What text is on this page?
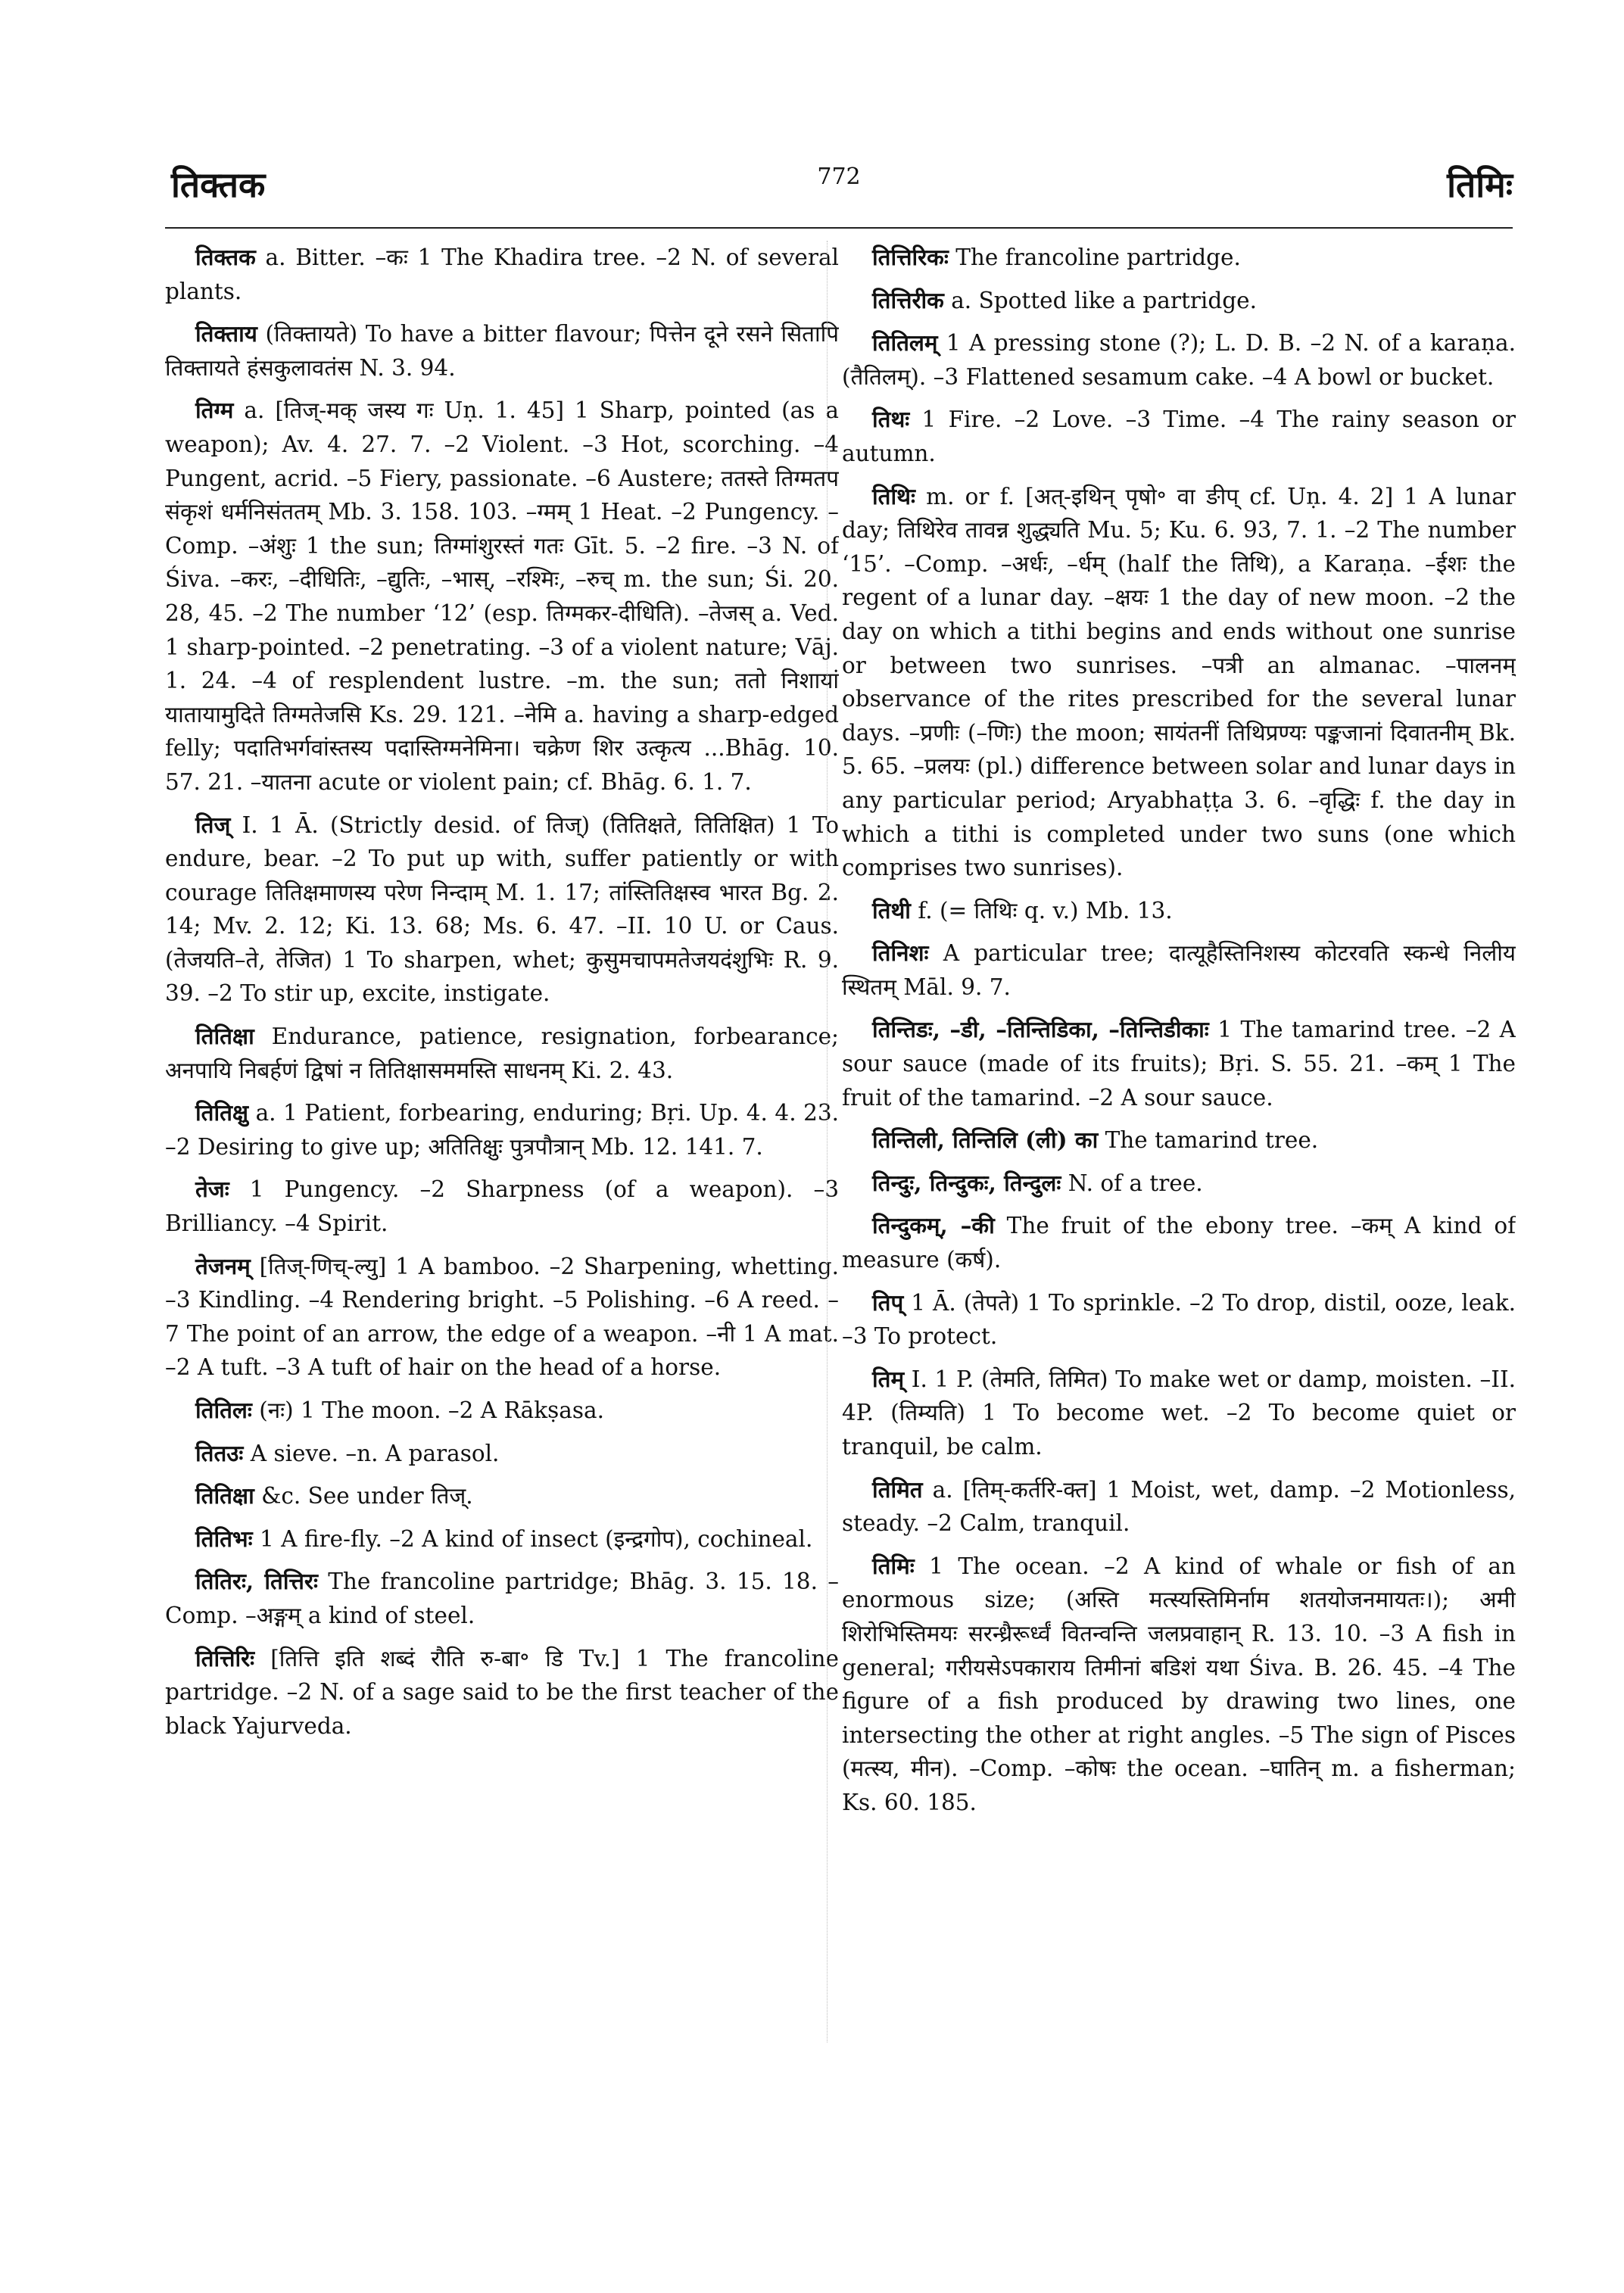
तिक्तक	772	तिमिः

तिक्तक a. Bitter. –कः 1 The Khadira tree. –2 N. of several plants.

तिक्ताय (तिक्तायते) To have a bitter flavour; पित्तेन दूने रसने सितापि तिक्तायते हंसकुलावतंस N. 3. 94.

तिग्म a. [तिज्-मक् जस्य गः Uṇ. 1. 45] 1 Sharp, pointed (as a weapon); Av. 4. 27. 7. –2 Violent. –3 Hot, scorching. –4 Pungent, acrid. –5 Fiery, passionate. –6 Austere; ततस्ते तिग्मतप संकृशं धर्मनिसंततम् Mb. 3. 158. 103. –ग्मम् 1 Heat. –2 Pungency. –Comp. –अंशुः 1 the sun; तिग्मांशुरस्तं गतः Gīt. 5. –2 fire. –3 N. of Śiva. –करः, –दीधितिः, –द्युतिः, –भास्, –रश्मिः, –रुच् m. the sun; Śi. 20. 28, 45. –2 The number ‘12’ (esp. तिग्मकर-दीधिति). –तेजस् a. Ved. 1 sharp-pointed. –2 penetrating. –3 of a violent nature; Vāj. 1. 24. –4 of resplendent lustre. –m. the sun; ततो निशायां यातायामुदिते तिग्मतेजसि Ks. 29. 121. –नेमि a. having a sharp-edged felly; पदातिभर्गवांस्तस्य पदास्तिग्मनेमिना। चक्रेण शिर उत्कृत्य ...Bhāg. 10. 57. 21. –यातना acute or violent pain; cf. Bhāg. 6. 1. 7.

तिज् I. 1 Ā. (Strictly desid. of तिज्) (तितिक्षते, तितिक्षित) 1 To endure, bear. –2 To put up with, suffer patiently or with courage तितिक्षमाणस्य परेण निन्दाम् M. 1. 17; तांस्तितिक्षस्व भारत Bg. 2. 14; Mv. 2. 12; Ki. 13. 68; Ms. 6. 47. –II. 10 U. or Caus. (तेजयति–ते, तेजित) 1 To sharpen, whet; कुसुमचापमतेजयदंशुभिः R. 9. 39. –2 To stir up, excite, instigate.

तितिक्षा Endurance, patience, resignation, forbearance; अनपायि निबर्हणं द्विषां न तितिक्षासममस्ति साधनम् Ki. 2. 43.

तितिक्षु a. 1 Patient, forbearing, enduring; Bṛi. Up. 4. 4. 23. –2 Desiring to give up; अतितिक्षुः पुत्रपौत्रान् Mb. 12. 141. 7.

तेजः 1 Pungency. –2 Sharpness (of a weapon). –3 Brilliancy. –4 Spirit.

तेजनम् [तिज्-णिच्-ल्यु] 1 A bamboo. –2 Sharpening, whetting. –3 Kindling. –4 Rendering bright. –5 Polishing. –6 A reed. –7 The point of an arrow, the edge of a weapon. –नी 1 A mat. –2 A tuft. –3 A tuft of hair on the head of a horse.

तितिलः (नः) 1 The moon. –2 A Rākṣasa.

तितउः A sieve. –n. A parasol.

तितिक्षा &c. See under तिज्.

तितिभः 1 A fire-fly. –2 A kind of insect (इन्द्रगोप), cochineal.

तितिरः, तित्तिरः The francoline partridge; Bhāg. 3. 15. 18. –Comp. –अङ्गम् a kind of steel.

तित्तिरिः [तित्ति इति शब्दं रौति रु-बा॰ डि Tv.] 1 The francoline partridge. –2 N. of a sage said to be the first teacher of the black Yajurveda.

तित्तिरिकः The francoline partridge.

तित्तिरीक a. Spotted like a partridge.

तितिलम् 1 A pressing stone (?); L. D. B. –2 N. of a karaṇa. (तैतिलम्). –3 Flattened sesamum cake. –4 A bowl or bucket.

तिथः 1 Fire. –2 Love. –3 Time. –4 The rainy season or autumn.

तिथिः m. or f. [अत्-इथिन् पृषो॰ वा ङीप् cf. Uṇ. 4. 2] 1 A lunar day; तिथिरेव तावन्न शुद्ध्यति Mu. 5; Ku. 6. 93, 7. 1. –2 The number ‘15’. –Comp. –अर्धः, –र्धम् (half the तिथि), a Karaṇa. –ईशः the regent of a lunar day. –क्षयः 1 the day of new moon. –2 the day on which a tithi begins and ends without one sunrise or between two sunrises. –पत्री an almanac. –पालनम् observance of the rites prescribed for the several lunar days. –प्रणीः (–णिः) the moon; सायंतनीं तिथिप्रण्यः पङ्कजानां दिवातनीम् Bk. 5. 65. –प्रलयः (pl.) difference between solar and lunar days in any particular period; Aryabhaṭṭa 3. 6. –वृद्धिः f. the day in which a tithi is completed under two suns (one which comprises two sunrises).

तिथी f. (= तिथिः q. v.) Mb. 13.

तिनिशः A particular tree; दात्यूहैस्तिनिशस्य कोटरवति स्कन्धे निलीय स्थितम् Māl. 9. 7.

तिन्तिडः, –डी, –तिन्तिडिका, –तिन्तिडीकाः 1 The tamarind tree. –2 A sour sauce (made of its fruits); Bṛi. S. 55. 21. –कम् 1 The fruit of the tamarind. –2 A sour sauce.

तिन्तिली, तिन्तिलि (ली) का The tamarind tree.

तिन्दुः, तिन्दुकः, तिन्दुलः N. of a tree.

तिन्दुकम्, –की The fruit of the ebony tree. –कम् A kind of measure (कर्ष).

तिप् 1 Ā. (तेपते) 1 To sprinkle. –2 To drop, distil, ooze, leak. –3 To protect.

तिम् I. 1 P. (तेमति, तिमित) To make wet or damp, moisten. –II. 4P. (तिम्यति) 1 To become wet. –2 To become quiet or tranquil, be calm.

तिमित a. [तिम्-कर्तरि-क्त] 1 Moist, wet, damp. –2 Motionless, steady. –2 Calm, tranquil.

तिमिः 1 The ocean. –2 A kind of whale or fish of an enormous size; (अस्ति मत्स्यस्तिमिर्नाम शतयोजनमायतः।); अमी शिरोभिस्तिमयः सरन्ध्रैरूर्ध्वं वितन्वन्ति जलप्रवाहान् R. 13. 10. –3 A fish in general; गरीयसेऽपकाराय तिमीनां बडिशं यथा Śiva. B. 26. 45. –4 The figure of a fish produced by drawing two lines, one intersecting the other at right angles. –5 The sign of Pisces (मत्स्य, मीन). –Comp. –कोषः the ocean. –घातिन् m. a fisherman; Ks. 60. 185.
